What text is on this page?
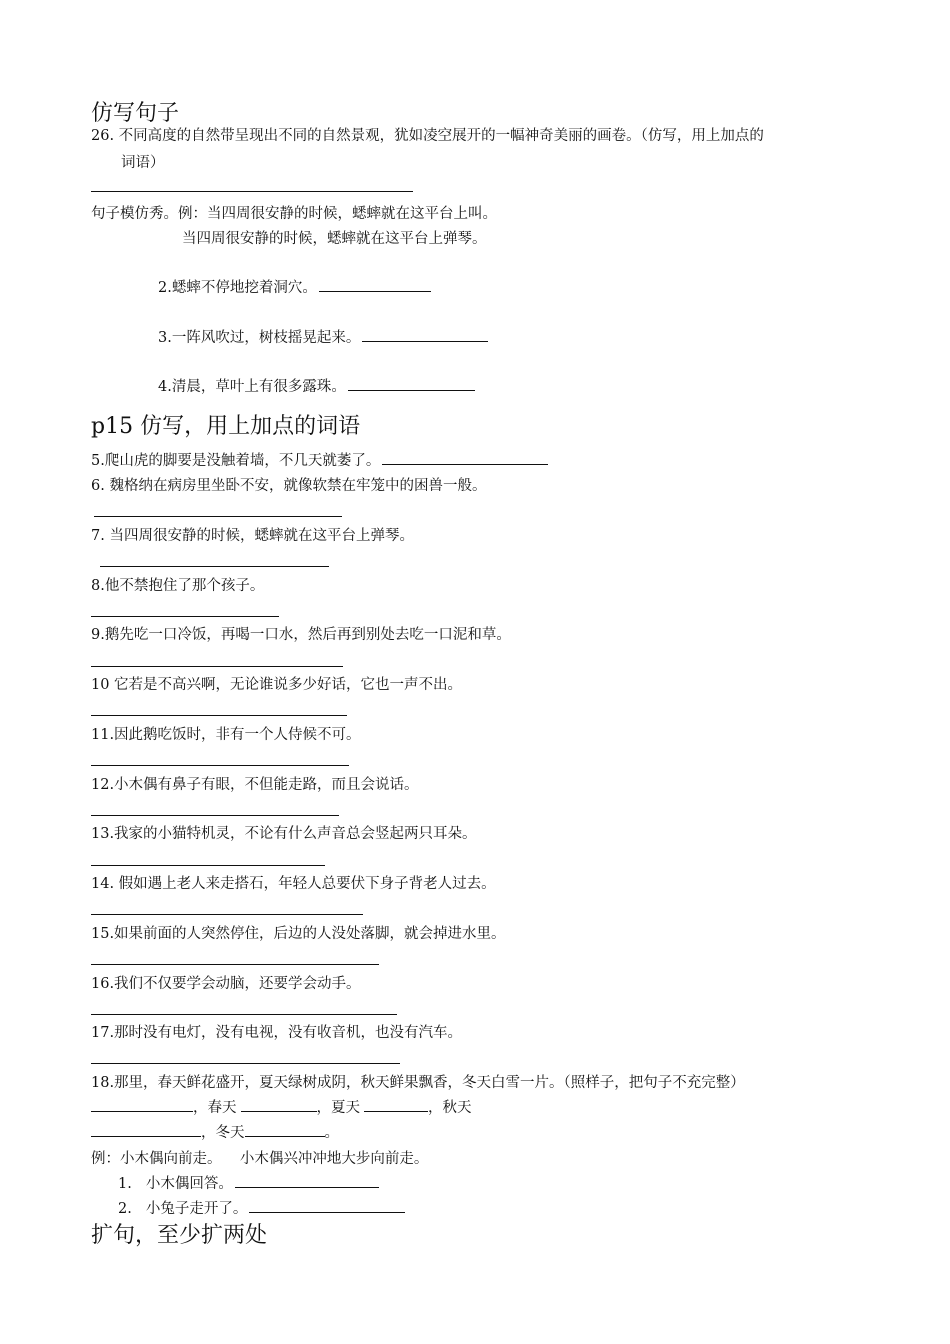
仿写句子
26. 不同高度的自然带呈现出不同的自然景观，犹如凌空展开的一幅神奇美丽的画卷。（仿写，用上加点的
词语）
句子模仿秀。例：当四周很安静的时候，蟋蟀就在这平台上叫。
当四周很安静的时候，蟋蟀就在这平台上弹琴。
2.蟋蟀不停地挖着洞穴。
3.一阵风吹过，树枝摇晃起来。
4.清晨，草叶上有很多露珠。
p15 仿写，用上加点的词语
5.爬山虎的脚要是没触着墙，不几天就萎了。
6. 魏格纳在病房里坐卧不安，就像软禁在牢笼中的困兽一般。
7. 当四周很安静的时候，蟋蟀就在这平台上弹琴。
8.他不禁抱住了那个孩子。
9.鹅先吃一口冷饭，再喝一口水，然后再到别处去吃一口泥和草。
10 它若是不高兴啊，无论谁说多少好话，它也一声不出。
11.因此鹅吃饭时，非有一个人侍候不可。
12.小木偶有鼻子有眼，不但能走路，而且会说话。
13.我家的小猫特机灵，不论有什么声音总会竖起两只耳朵。
14. 假如遇上老人来走搭石，年轻人总要伏下身子背老人过去。
15.如果前面的人突然停住，后边的人没处落脚，就会掉进水里。
16.我们不仅要学会动脑，还要学会动手。
17.那时没有电灯，没有电视，没有收音机，也没有汽车。
18.那里，春天鲜花盛开，夏天绿树成阴，秋天鲜果飘香，冬天白雪一片。（照样子，把句子不充完整）
，春天	，夏天	，秋天
，冬天	。
例：小木偶向前走。    小木偶兴冲冲地大步向前走。
1. 小木偶回答。
2. 小兔子走开了。
扩句，至少扩两处
